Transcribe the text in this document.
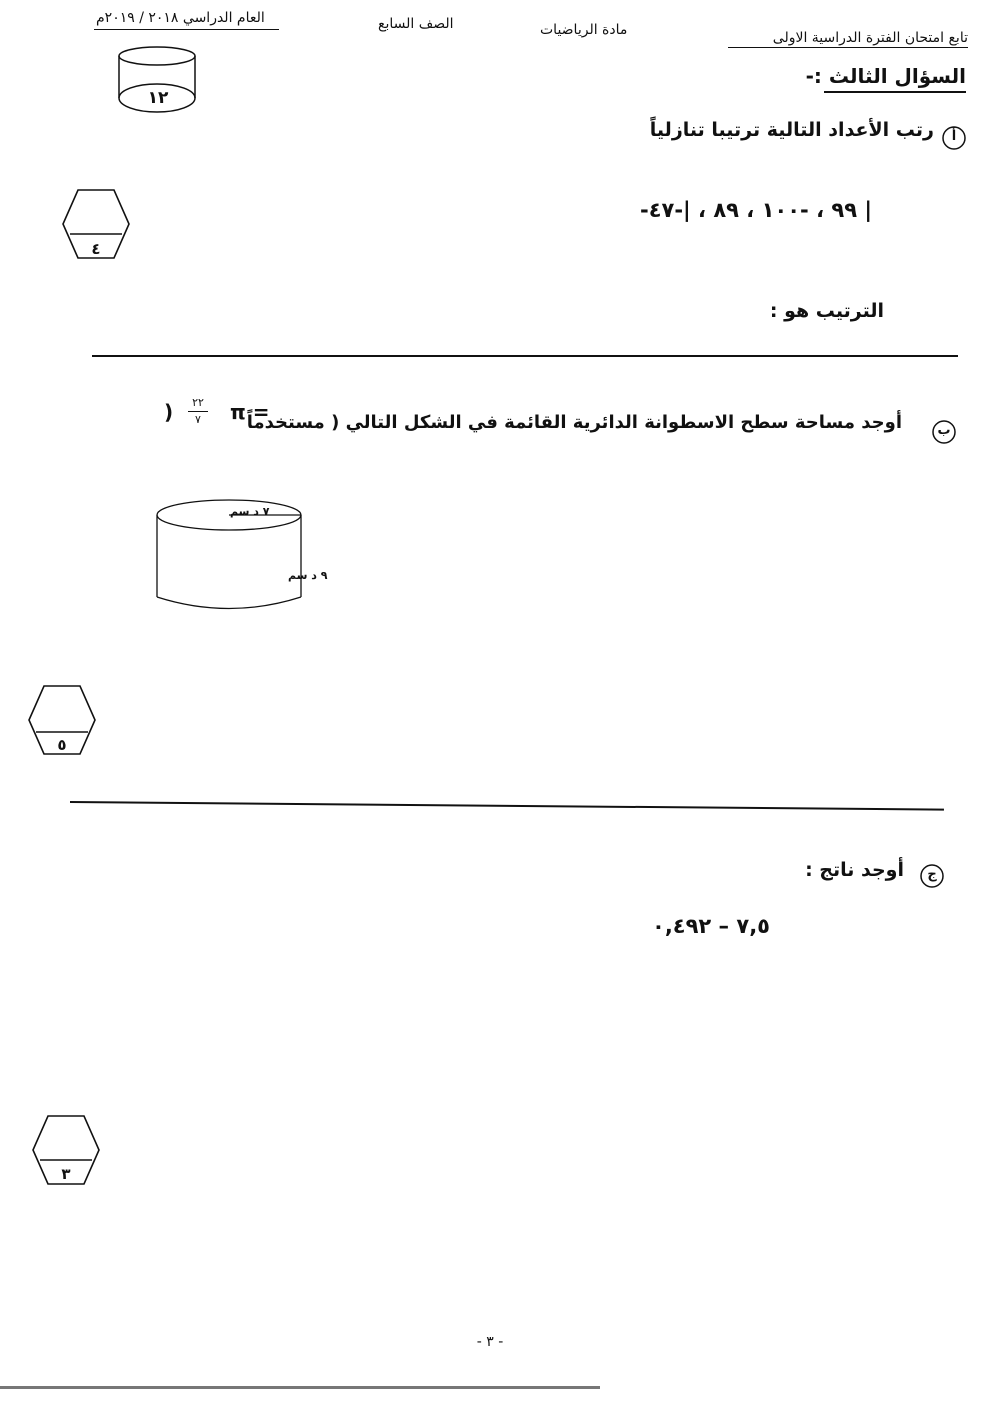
تابع امتحان الفترة الدراسية الاولى
مادة الرياضيات
الصف السابع
العام الدراسي ٢٠١٨ / ٢٠١٩م
١٢
السؤال الثالث :-
أ
رتب الأعداد التالية ترتيبا تنازلياً
-٩٩ ، -١٠٠ ، ٨٩ ، |-٤٧ |
الترتيب هو :
٤
ب
أوجد مساحة سطح الاسطوانة الدائرية القائمة في الشكل التالي ( مستخدماً
π =
٢٢
٧
)
٧ د سم
٩ د سم
٥
ج
أوجد ناتج :
٧,٥ – ٠,٤٩٢
٣
- ٣ -
